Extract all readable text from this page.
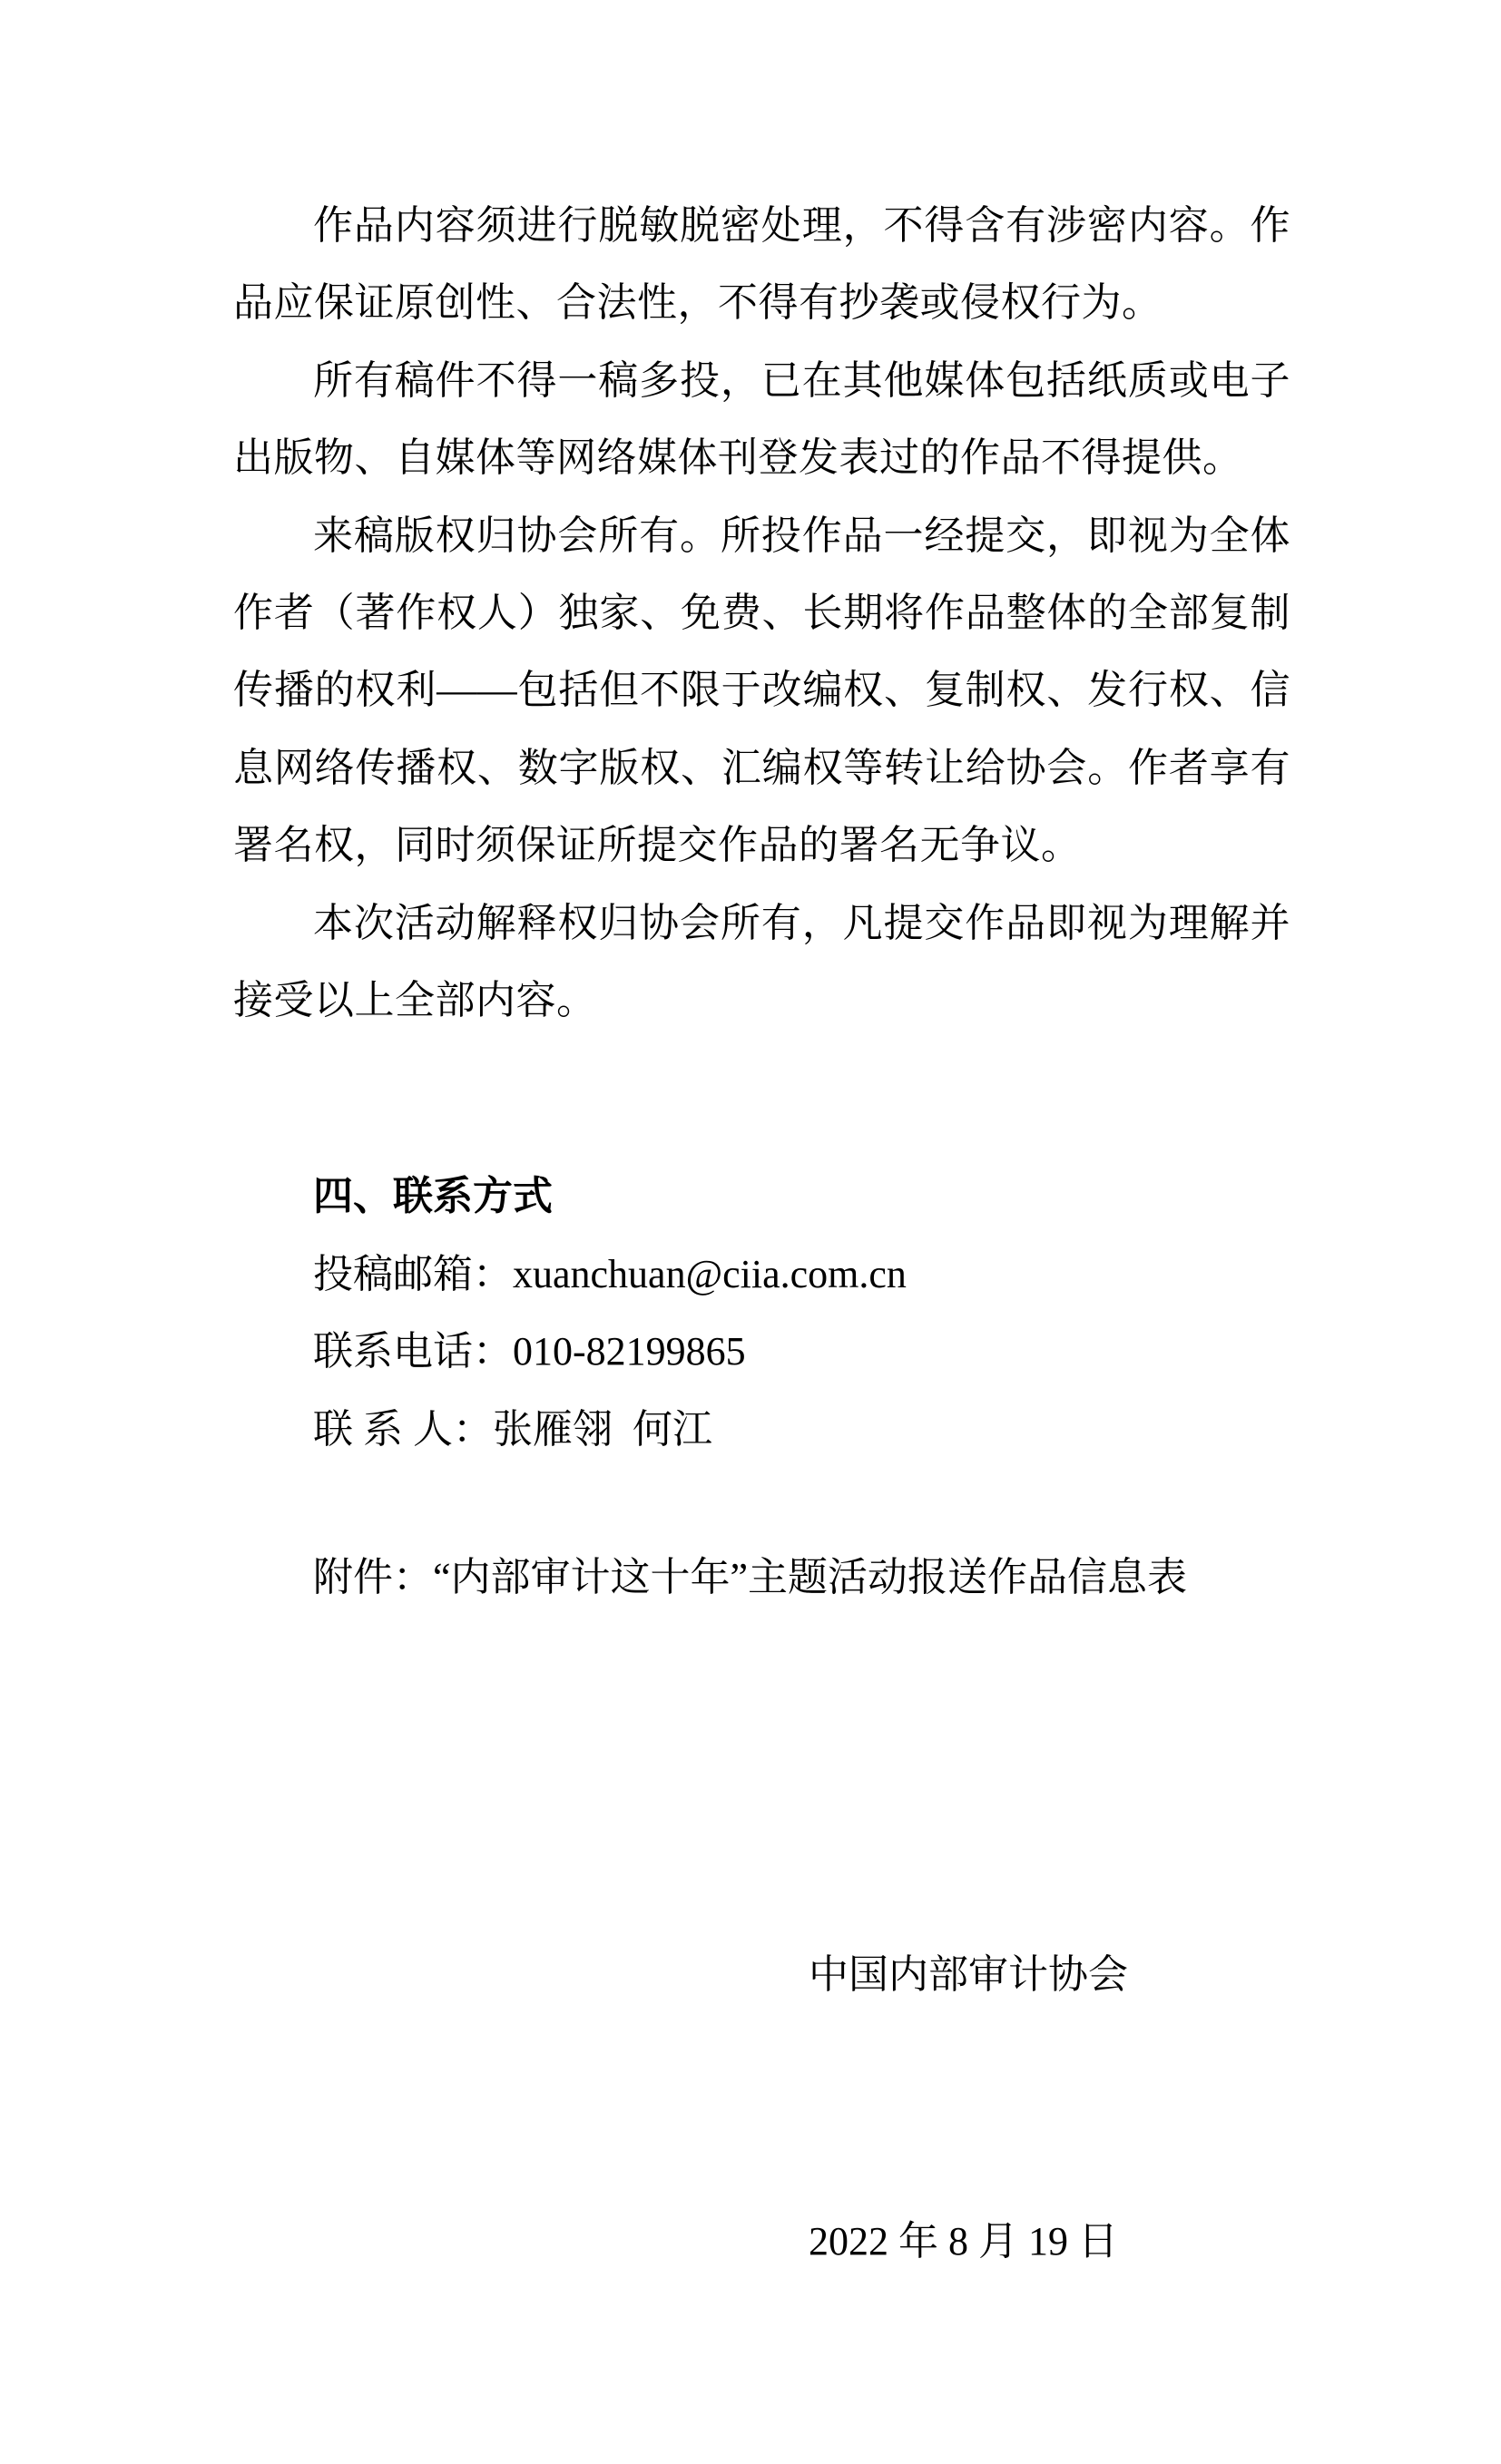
作品内容须进行脱敏脱密处理，不得含有涉密内容。作品应保证原创性、合法性，不得有抄袭或侵权行为。

所有稿件不得一稿多投，已在其他媒体包括纸质或电子出版物、自媒体等网络媒体刊登发表过的作品不得提供。

来稿版权归协会所有。所投作品一经提交，即视为全体作者（著作权人）独家、免费、长期将作品整体的全部复制传播的权利——包括但不限于改编权、复制权、发行权、信息网络传播权、数字版权、汇编权等转让给协会。作者享有署名权，同时须保证所提交作品的署名无争议。

本次活动解释权归协会所有，凡提交作品即视为理解并接受以上全部内容。

四、联系方式

投稿邮箱：xuanchuan@ciia.com.cn

联系电话：010-82199865

联 系 人：张雁翎  何江

附件：“内部审计这十年”主题活动报送作品信息表

中国内部审计协会

2022 年 8 月 19 日
